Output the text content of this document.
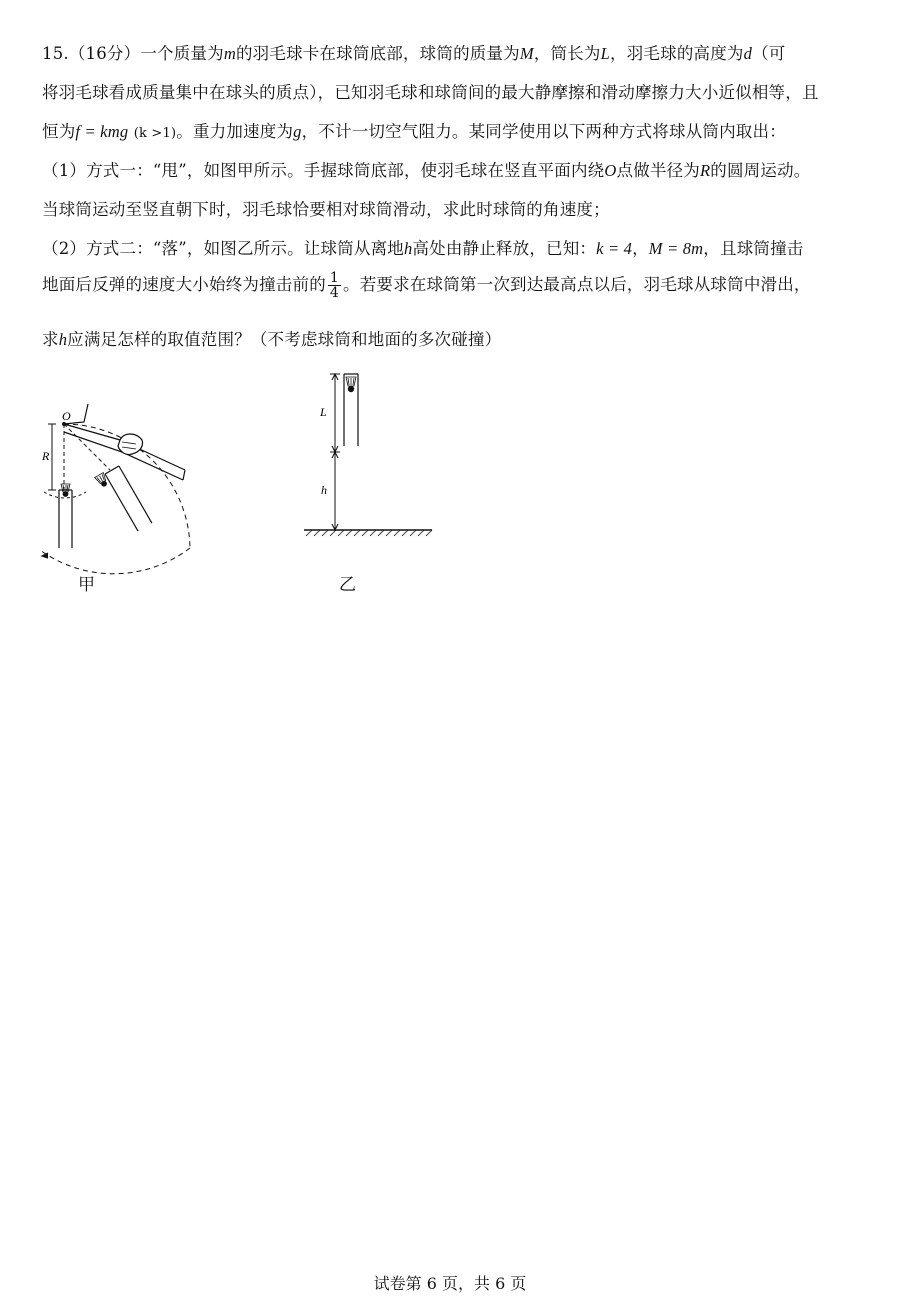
15.（16分）一个质量为m的羽毛球卡在球筒底部，球筒的质量为M，筒长为L，羽毛球的高度为d（可
将羽毛球看成质量集中在球头的质点），已知羽毛球和球筒间的最大静摩擦和滑动摩擦力大小近似相等，且
恒为f = kmg (k >1)。重力加速度为g，不计一切空气阻力。某同学使用以下两种方式将球从筒内取出：
（1）方式一：“甩”，如图甲所示。手握球筒底部，使羽毛球在竖直平面内绕O点做半径为R的圆周运动。
当球筒运动至竖直朝下时，羽毛球恰要相对球筒滑动，求此时球筒的角速度；
（2）方式二：“落”，如图乙所示。让球筒从离地h高处由静止释放，已知：k = 4，M = 8m，且球筒撞击
地面后反弹的速度大小始终为撞击前的 $\frac{1}{4}$ 。若要求在球筒第一次到达最高点以后，羽毛球从球筒中滑出，
求h应满足怎样的取值范围？（不考虑球筒和地面的多次碰撞）
O
R
甲
L
h
乙
试卷第 6 页，共 6 页
